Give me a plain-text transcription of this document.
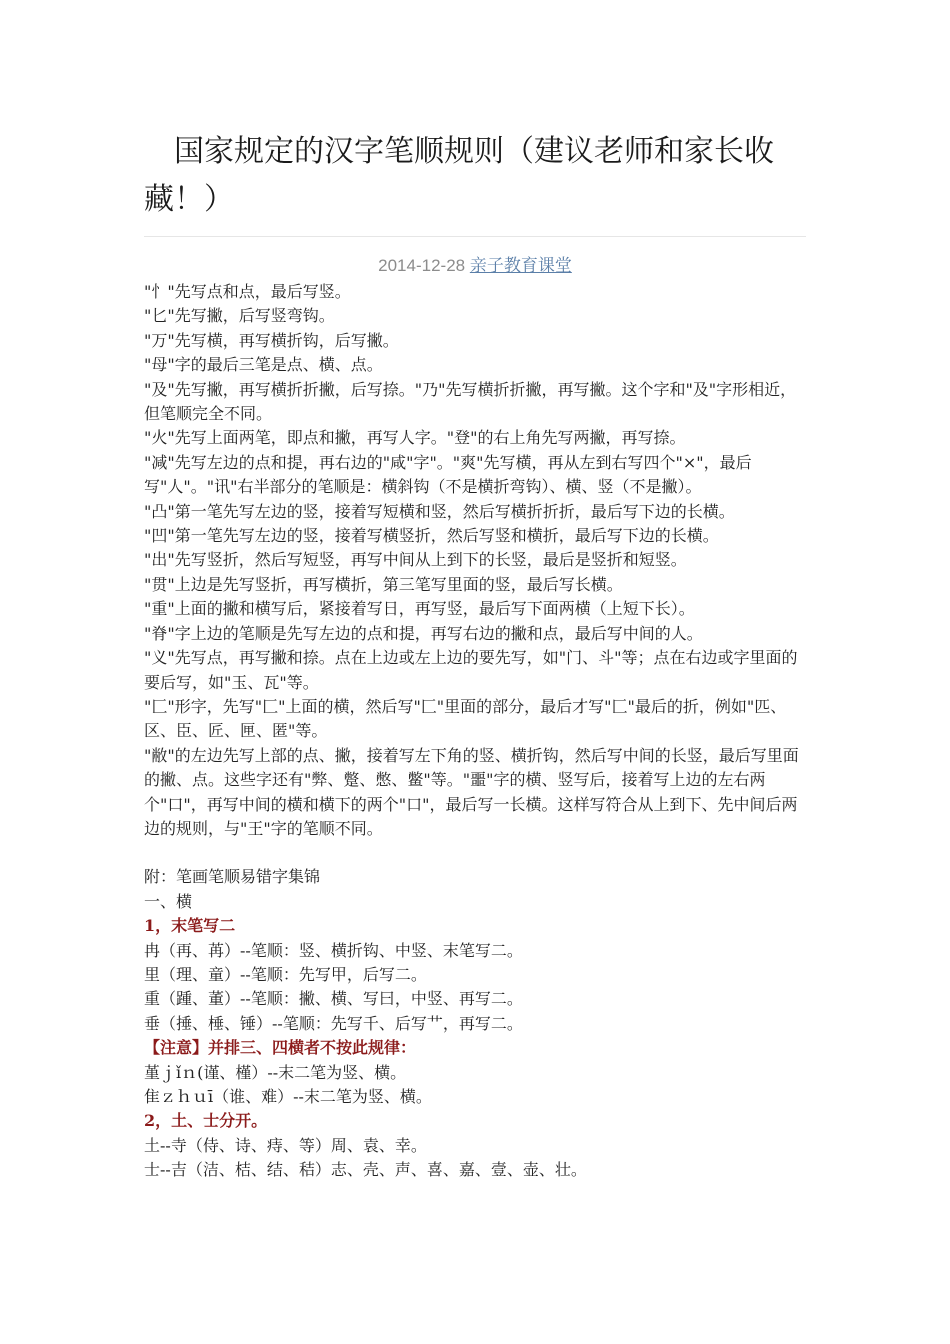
国家规定的汉字笔顺规则（建议老师和家长收藏！）
2014-12-28 亲子教育课堂

"忄"先写点和点，最后写竖。

"匕"先写撇，后写竖弯钩。

"万"先写横，再写横折钩，后写撇。

"母"字的最后三笔是点、横、点。

"及"先写撇，再写横折折撇，后写捺。"乃"先写横折折撇，再写撇。这个字和"及"字形相近，但笔顺完全不同。

"火"先写上面两笔，即点和撇，再写人字。"登"的右上角先写两撇，再写捺。

"减"先写左边的点和提，再右边的"咸"字"。"爽"先写横，再从左到右写四个"×"，最后写"人"。"讯"右半部分的笔顺是：横斜钩（不是横折弯钩）、横、竖（不是撇）。

"凸"第一笔先写左边的竖，接着写短横和竖，然后写横折折折，最后写下边的长横。

"凹"第一笔先写左边的竖，接着写横竖折，然后写竖和横折，最后写下边的长横。

"出"先写竖折，然后写短竖，再写中间从上到下的长竖，最后是竖折和短竖。

"贯"上边是先写竖折，再写横折，第三笔写里面的竖，最后写长横。

"重"上面的撇和横写后，紧接着写日，再写竖，最后写下面两横（上短下长）。

"脊"字上边的笔顺是先写左边的点和提，再写右边的撇和点，最后写中间的人。

"义"先写点，再写撇和捺。点在上边或左上边的要先写，如"门、斗"等；点在右边或字里面的要后写，如"玉、瓦"等。

"匚"形字，先写"匚"上面的横，然后写"匚"里面的部分，最后才写"匚"最后的折，例如"匹、区、臣、匠、匣、匿"等。

"敝"的左边先写上部的点、撇，接着写左下角的竖、横折钩，然后写中间的长竖，最后写里面的撇、点。这些字还有"弊、蹩、憋、鳖"等。"噩"字的横、竖写后，接着写上边的左右两个"口"，再写中间的横和横下的两个"口"，最后写一长横。这样写符合从上到下、先中间后两边的规则，与"王"字的笔顺不同。

附：笔画笔顺易错字集锦

一、横

1，末笔写二

冉（再、苒）--笔顺：竖、横折钩、中竖、末笔写二。

里（理、童）--笔顺：先写甲，后写二。

重（踵、董）--笔顺：撇、横、写曰，中竖、再写二。

垂（捶、棰、锤）--笔顺：先写千、后写艹，再写二。

【注意】并排三、四横者不按此规律：

堇ｊǐｎ(谨、槿）--末二笔为竖、横。

隹ｚｈｕī（谁、难）--末二笔为竖、横。

2，土、士分开。

土--寺（侍、诗、痔、等）周、袁、幸。

士--吉（洁、桔、结、秸）志、壳、声、喜、嘉、壹、壶、壮。
